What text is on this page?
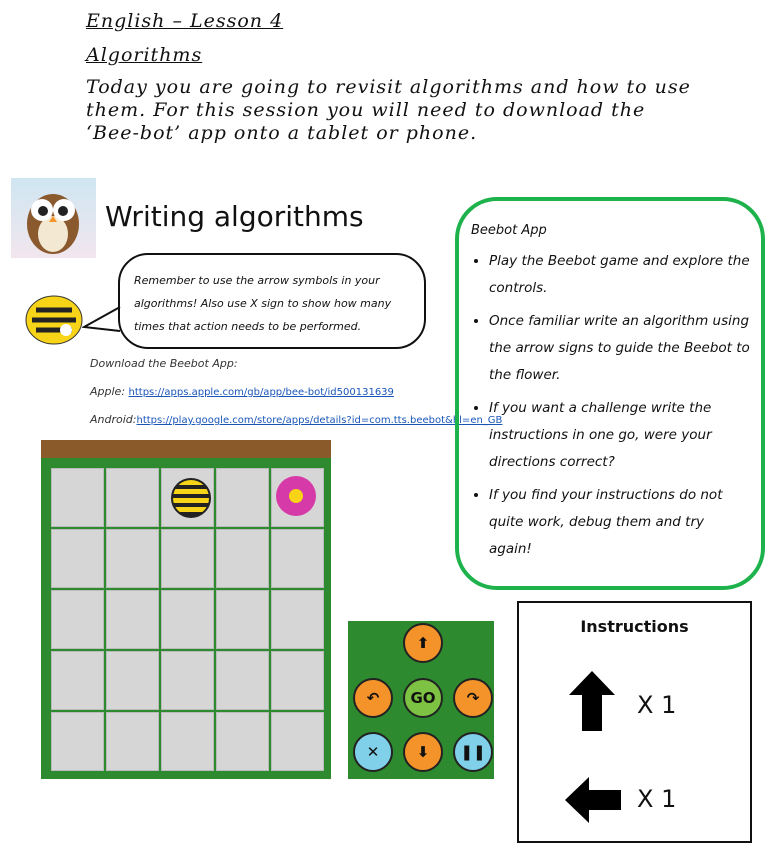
English – Lesson 4
Algorithms
Today you are going to revisit algorithms and how to use them. For this session you will need to download the ‘Bee-bot’ app onto a tablet or phone.
Writing algorithms
Remember to use the arrow symbols in your algorithms! Also use X sign to show how many times that action needs to be performed.
Download the Beebot App:
Apple: https://apps.apple.com/gb/app/bee-bot/id500131639
Android:https://play.google.com/store/apps/details?id=com.tts.beebot&hl=en_GB
Beebot App
• Play the Beebot game and explore the controls.
• Once familiar write an algorithm using the arrow signs to guide the Beebot to the flower.
• If you want a challenge write the instructions in one go, were your directions correct?
• If you find your instructions do not quite work, debug them and try again!
⬆
↶	GO	↷
✕	⬇	❚❚
Instructions
X 1
X 1
